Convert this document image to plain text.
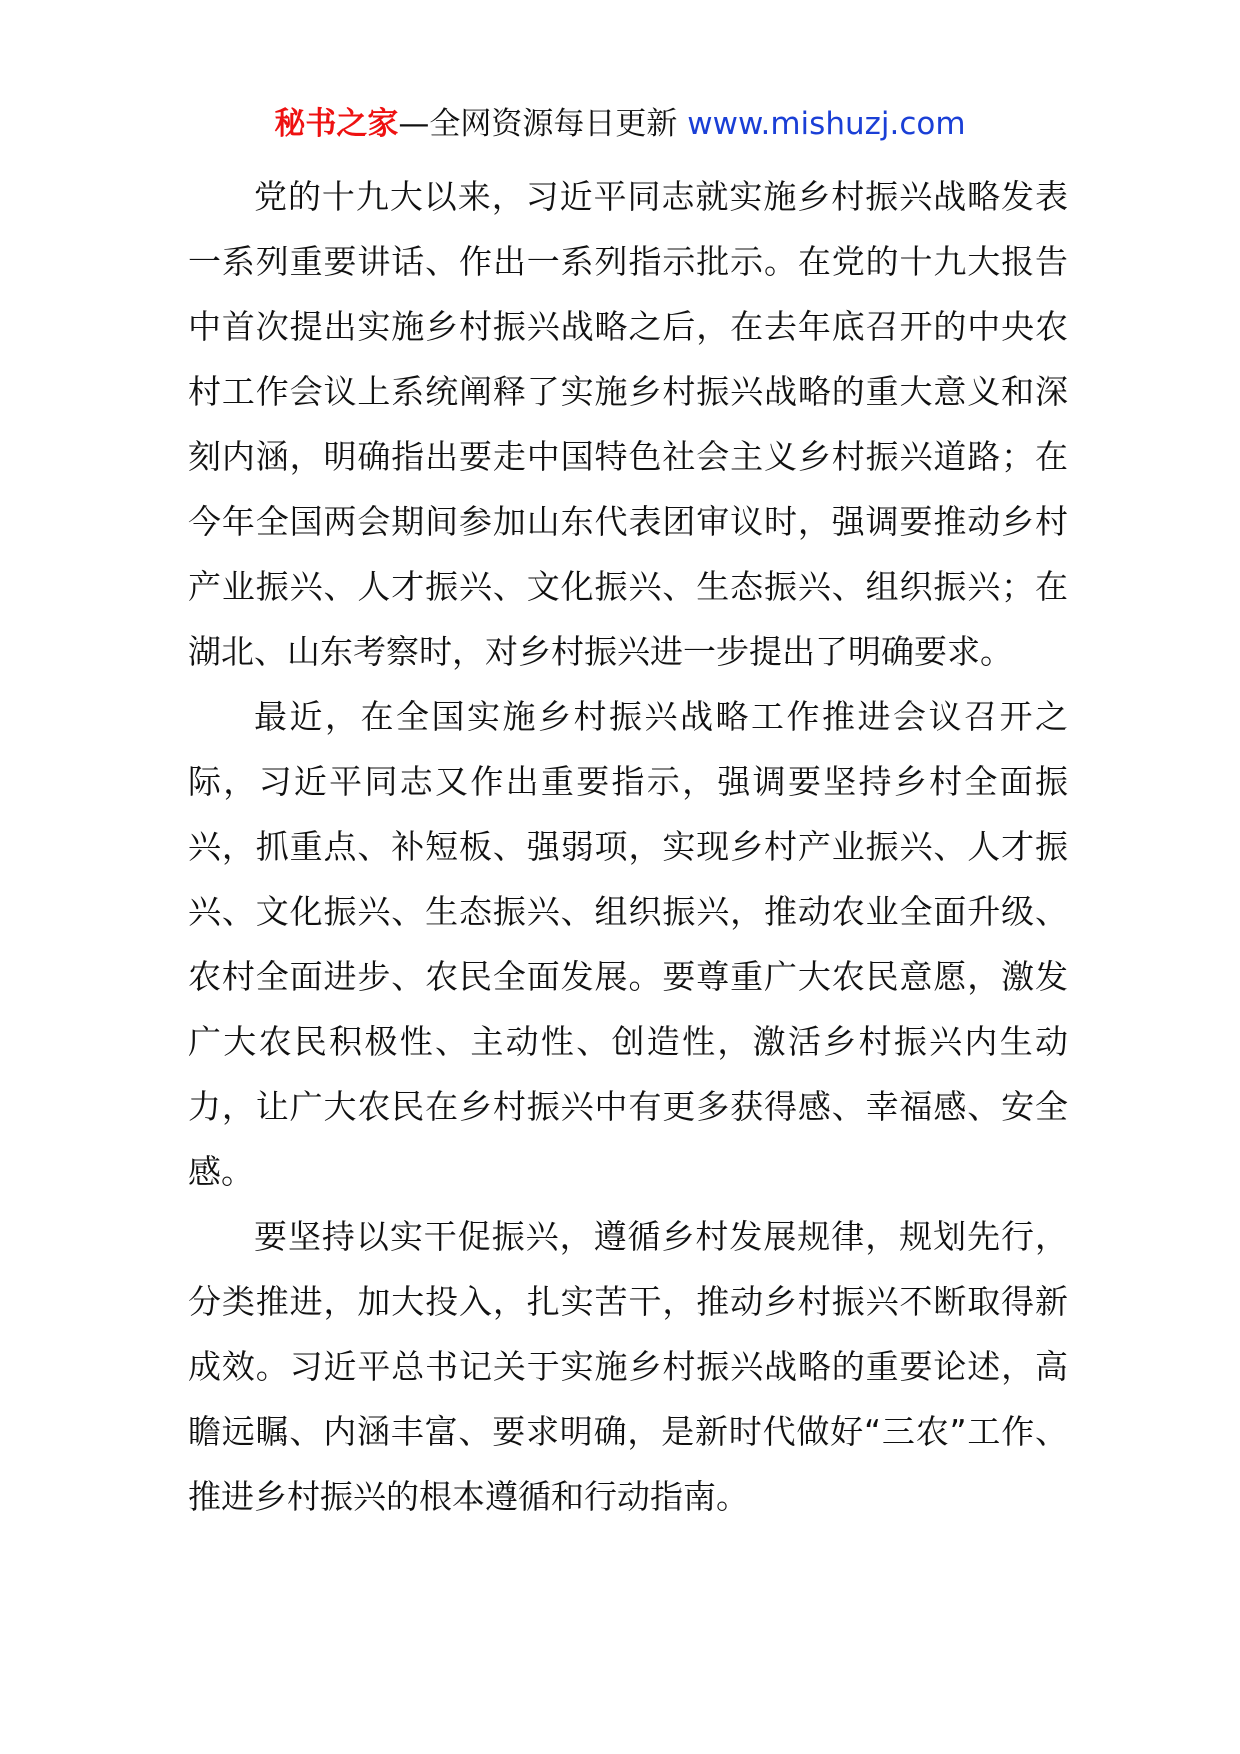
秘书之家—全网资源每日更新 www.mishuzj.com

党的十九大以来，习近平同志就实施乡村振兴战略发表一系列重要讲话、作出一系列指示批示。在党的十九大报告中首次提出实施乡村振兴战略之后，在去年底召开的中央农村工作会议上系统阐释了实施乡村振兴战略的重大意义和深刻内涵，明确指出要走中国特色社会主义乡村振兴道路；在今年全国两会期间参加山东代表团审议时，强调要推动乡村产业振兴、人才振兴、文化振兴、生态振兴、组织振兴；在湖北、山东考察时，对乡村振兴进一步提出了明确要求。

最近，在全国实施乡村振兴战略工作推进会议召开之际，习近平同志又作出重要指示，强调要坚持乡村全面振兴，抓重点、补短板、强弱项，实现乡村产业振兴、人才振兴、文化振兴、生态振兴、组织振兴，推动农业全面升级、农村全面进步、农民全面发展。要尊重广大农民意愿，激发广大农民积极性、主动性、创造性，激活乡村振兴内生动力，让广大农民在乡村振兴中有更多获得感、幸福感、安全感。

要坚持以实干促振兴，遵循乡村发展规律，规划先行，分类推进，加大投入，扎实苦干，推动乡村振兴不断取得新成效。习近平总书记关于实施乡村振兴战略的重要论述，高瞻远瞩、内涵丰富、要求明确，是新时代做好“三农”工作、推进乡村振兴的根本遵循和行动指南。
